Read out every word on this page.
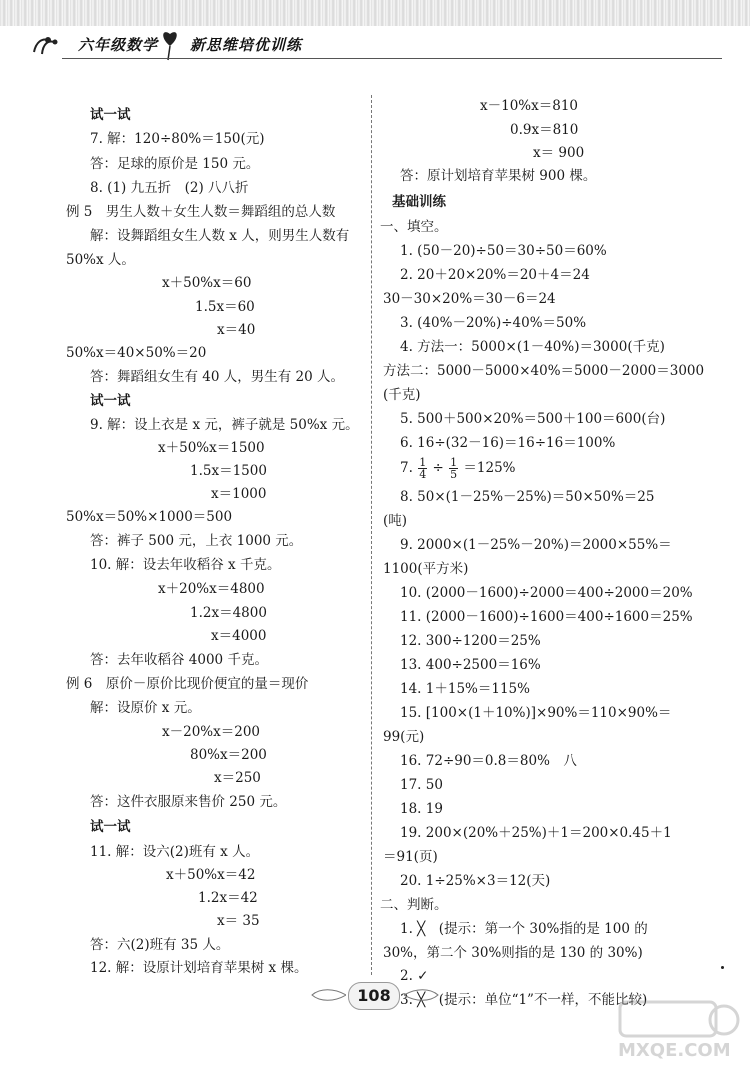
六年级数学 新思维培优训练
试一试
7. 解：120÷80%＝150(元)
答：足球的原价是 150 元。
8. (1) 九五折　(2) 八八折
例 5　男生人数＋女生人数＝舞蹈组的总人数
解：设舞蹈组女生人数 x 人，则男生人数有
50%x 人。
x＋50%x＝60
1.5x＝60
x＝40
50%x＝40×50%＝20
答：舞蹈组女生有 40 人，男生有 20 人。
试一试
9. 解：设上衣是 x 元，裤子就是 50%x 元。
x＋50%x＝1500
1.5x＝1500
x＝1000
50%x＝50%×1000＝500
答：裤子 500 元，上衣 1000 元。
10. 解：设去年收稻谷 x 千克。
x＋20%x＝4800
1.2x＝4800
x＝4000
答：去年收稻谷 4000 千克。
例 6　原价－原价比现价便宜的量＝现价
解：设原价 x 元。
x－20%x＝200
80%x＝200
x＝250
答：这件衣服原来售价 250 元。
试一试
11. 解：设六(2)班有 x 人。
x＋50%x＝42
1.2x＝42
x＝ 35
答：六(2)班有 35 人。
12. 解：设原计划培育苹果树 x 棵。
x－10%x＝810
0.9x＝810
x＝ 900
答：原计划培育苹果树 900 棵。
基础训练
一、填空。
1. (50－20)÷50＝30÷50＝60%
2. 20＋20×20%＝20＋4＝24
30－30×20%＝30－6＝24
3. (40%－20%)÷40%＝50%
4. 方法一：5000×(1－40%)＝3000(千克)
方法二：5000－5000×40%＝5000－2000＝3000
(千克)
5. 500＋500×20%＝500＋100＝600(台)
6. 16÷(32－16)＝16÷16＝100%
8. 50×(1－25%－25%)＝50×50%＝25
(吨)
9. 2000×(1－25%－20%)＝2000×55%＝
1100(平方米)
10. (2000－1600)÷2000＝400÷2000＝20%
11. (2000－1600)÷1600＝400÷1600＝25%
12. 300÷1200＝25%
13. 400÷2500＝16%
14. 1＋15%＝115%
15. [100×(1＋10%)]×90%＝110×90%＝
99(元)
16. 72÷90＝0.8＝80%　八
17. 50
18. 19
19. 200×(20%＋25%)＋1＝200×0.45＋1
＝91(页)
20. 1÷25%×3＝12(天)
二、判断。
1. ╳　(提示：第一个 30%指的是 100 的
30%，第二个 30%则指的是 130 的 30%)
2. ✓
3. ╳　(提示：单位“1”不一样，不能比较)
7. $\frac{1}{4} \div \frac{1}{5} =125\%$
108
MXQE.COM
